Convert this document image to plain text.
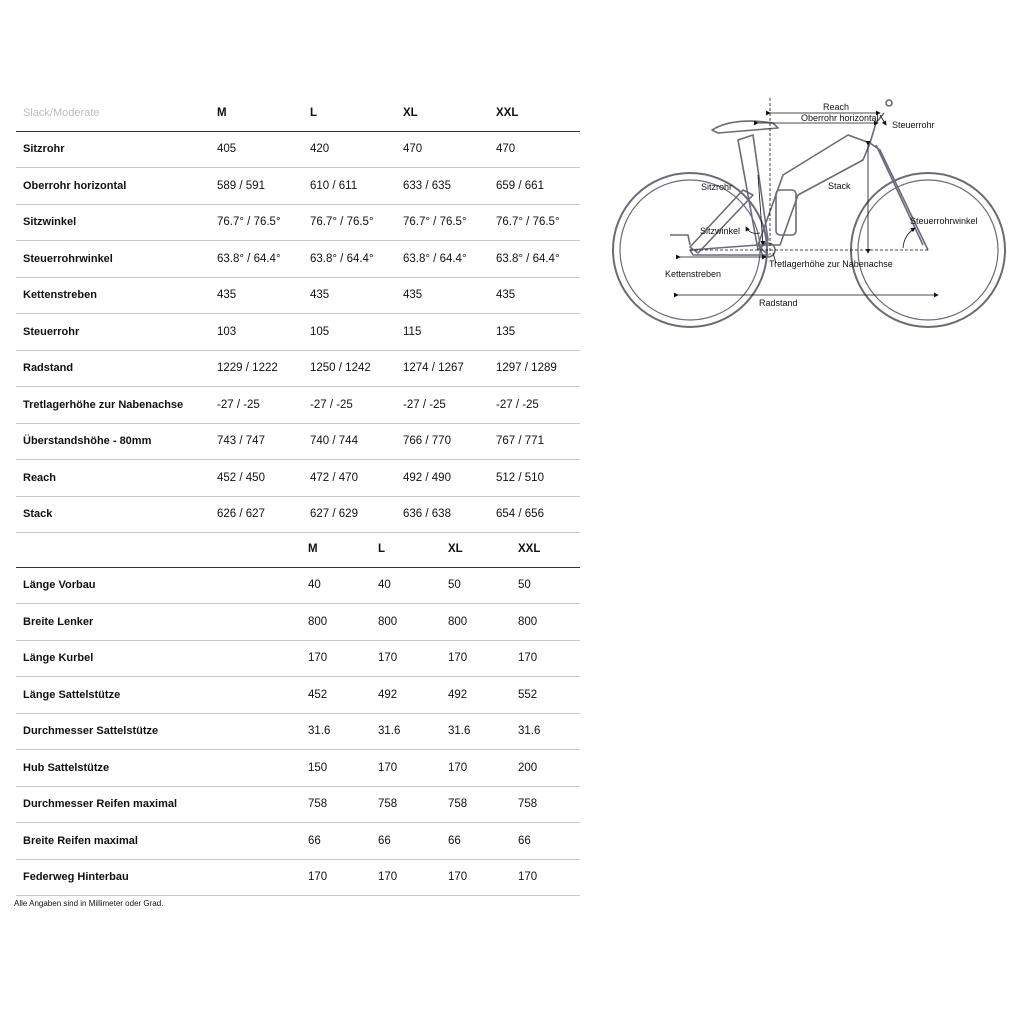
Slack/Moderate	M	L	XL	XXL
Sitzrohr	405	420	470	470
Oberrohr horizontal	589 / 591	610 / 611	633 / 635	659 / 661
Sitzwinkel	76.7° / 76.5°	76.7° / 76.5°	76.7° / 76.5°	76.7° / 76.5°
Steuerrohrwinkel	63.8° / 64.4°	63.8° / 64.4°	63.8° / 64.4°	63.8° / 64.4°
Kettenstreben	435	435	435	435
Steuerrohr	103	105	115	135
Radstand	1229 / 1222	1250 / 1242	1274 / 1267	1297 / 1289
Tretlagerhöhe zur Nabenachse	-27 / -25	-27 / -25	-27 / -25	-27 / -25
Überstandshöhe - 80mm	743 / 747	740 / 744	766 / 770	767 / 771
Reach	452 / 450	472 / 470	492 / 490	512 / 510
Stack	626 / 627	627 / 629	636 / 638	654 / 656
M	L	XL	XXL
Länge Vorbau	40	40	50	50
Breite Lenker	800	800	800	800
Länge Kurbel	170	170	170	170
Länge Sattelstütze	452	492	492	552
Durchmesser Sattelstütze	31.6	31.6	31.6	31.6
Hub Sattelstütze	150	170	170	200
Durchmesser Reifen maximal	758	758	758	758
Breite Reifen maximal	66	66	66	66
Federweg Hinterbau	170	170	170	170
Alle Angaben sind in Millimeter oder Grad.
Reach
Oberrohr horizontal
Steuerrohr
Sitzrohr	Stack
Steuerrohrwinkel
Sitzwinkel
Tretlagerhöhe zur Nabenachse
Kettenstreben
Radstand
